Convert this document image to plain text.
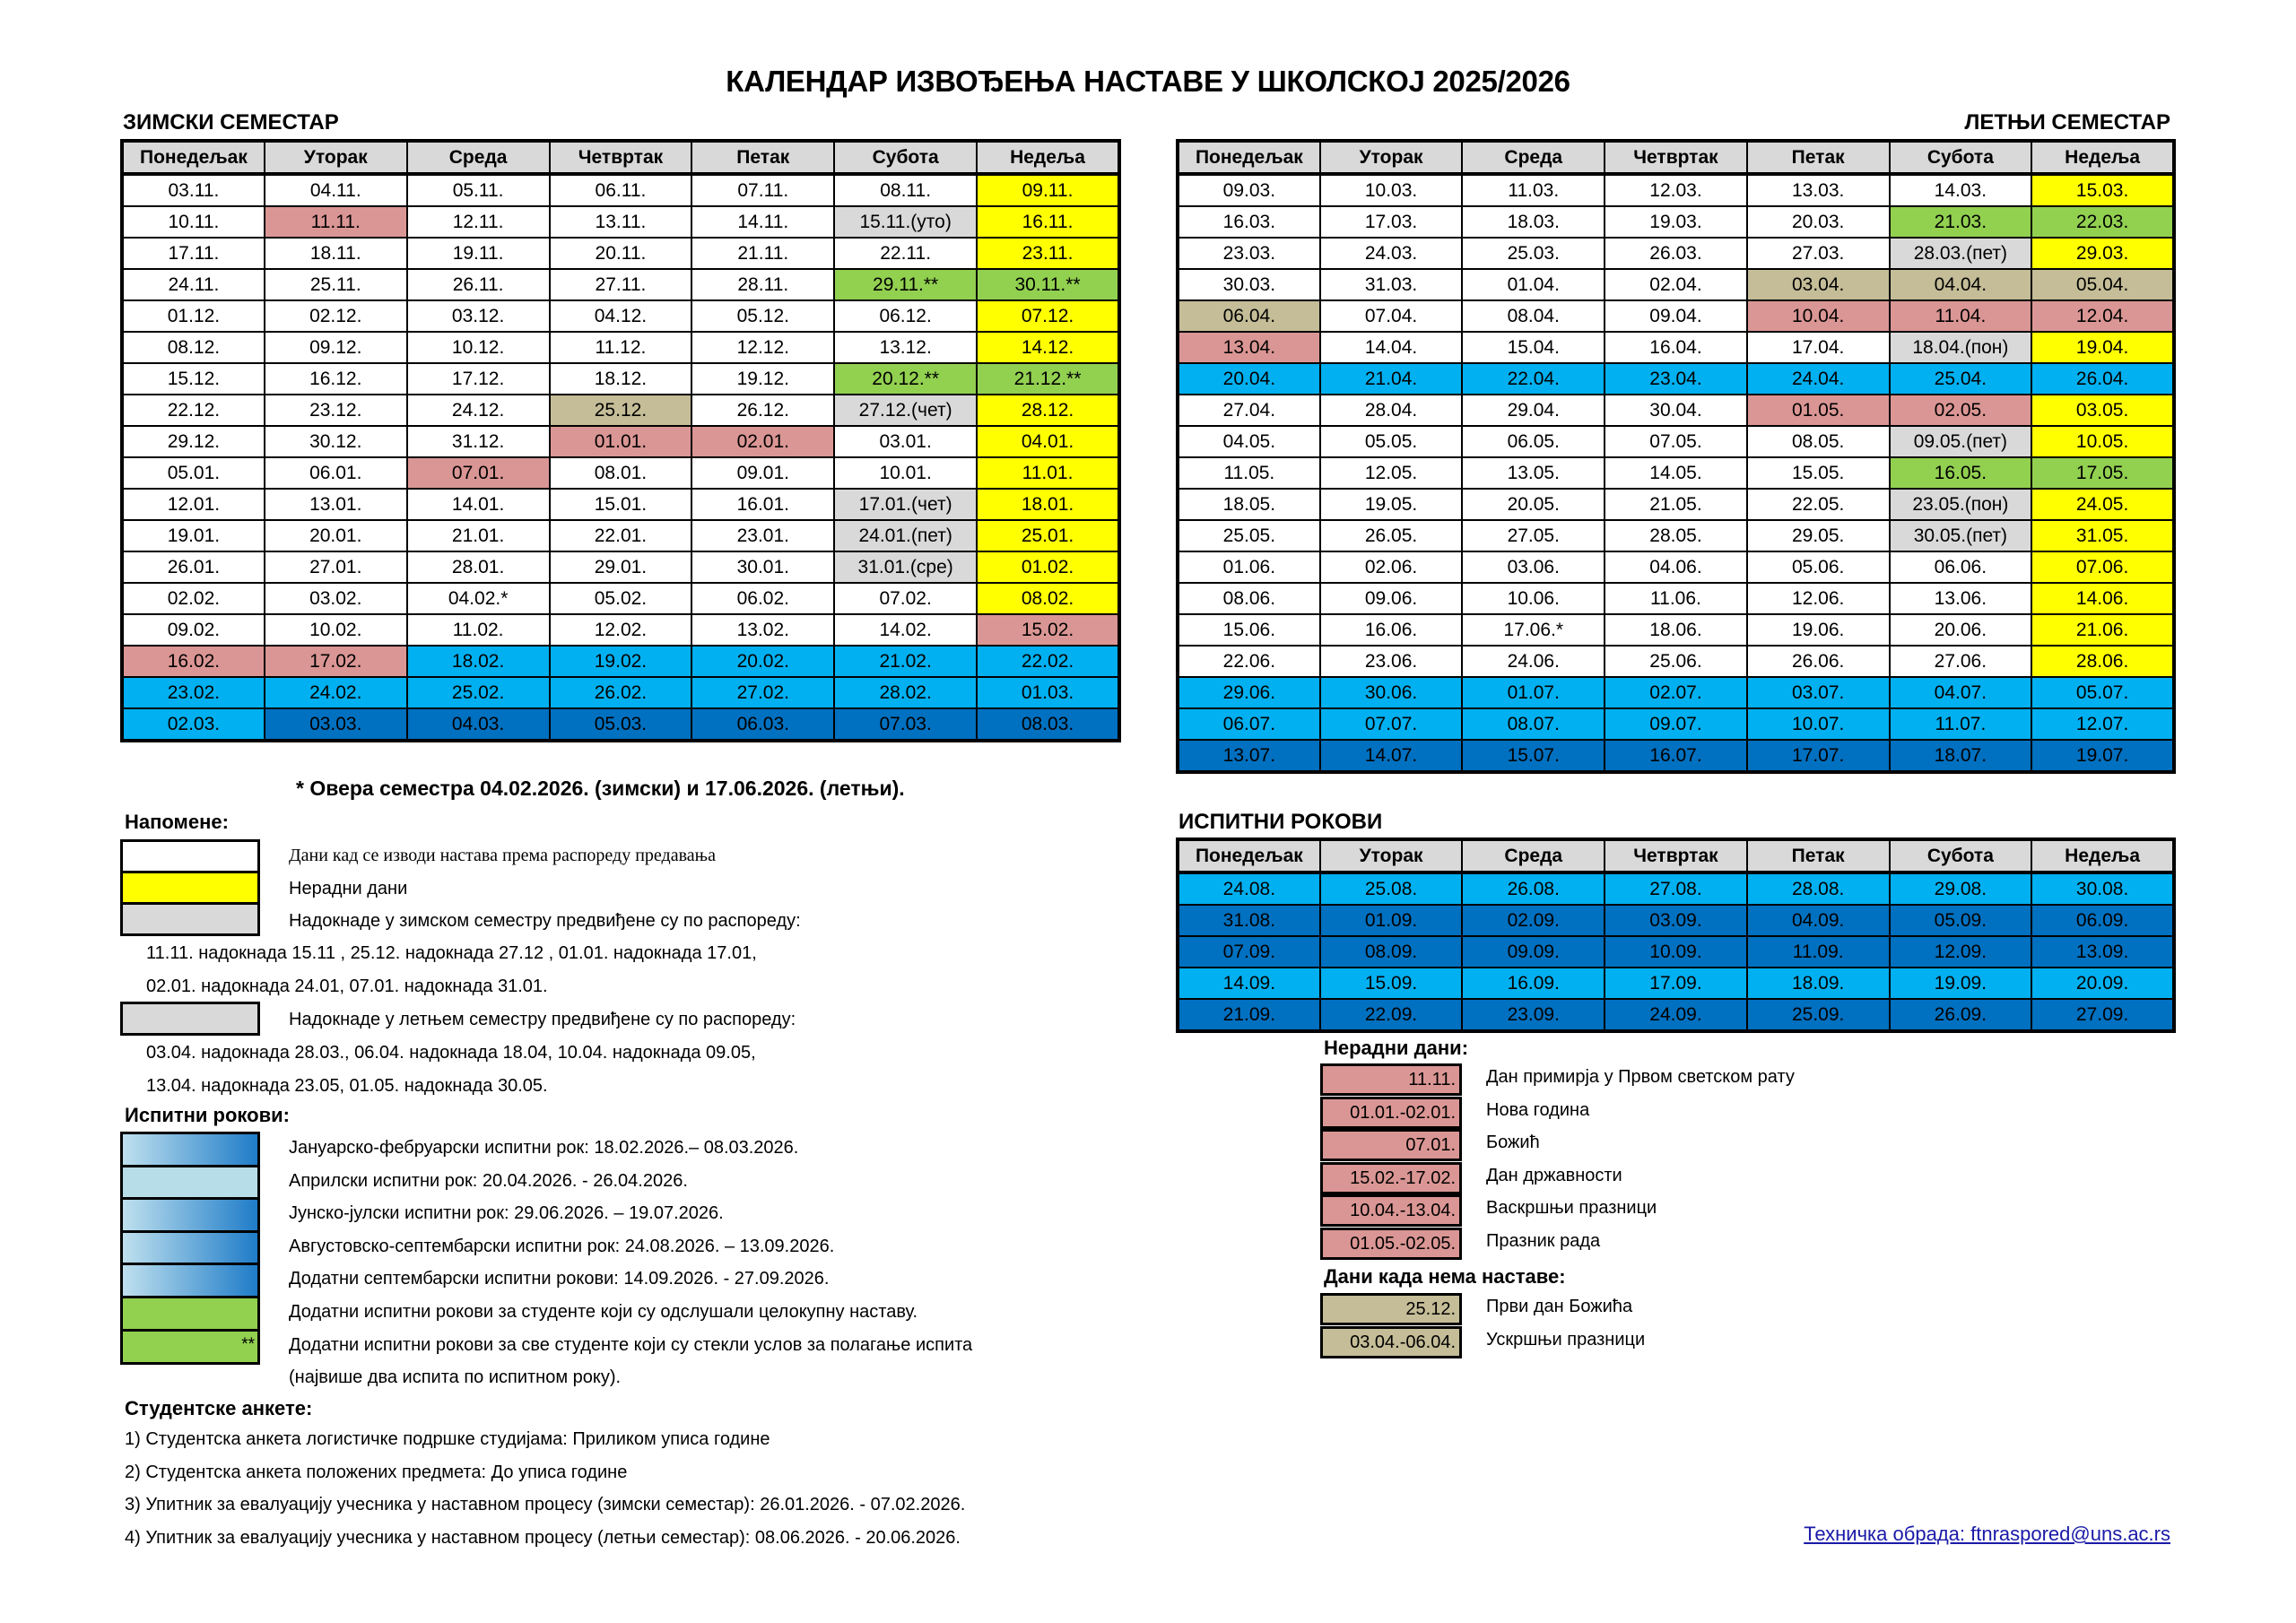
КАЛЕНДАР ИЗВОЂЕЊА НАСТАВЕ У ШКОЛСКОЈ 2025/2026
ЗИМСКИ СЕМЕСТАР	ЛЕТЊИ СЕМЕСТАР
Понедељак	Уторак	Среда	Четвртак	Петак	Субота	Недеља
03.11.	04.11.	05.11.	06.11.	07.11.	08.11.	09.11.
10.11.	11.11.	12.11.	13.11.	14.11.	15.11.(уто)	16.11.
17.11.	18.11.	19.11.	20.11.	21.11.	22.11.	23.11.
24.11.	25.11.	26.11.	27.11.	28.11.	29.11.**	30.11.**
01.12.	02.12.	03.12.	04.12.	05.12.	06.12.	07.12.
08.12.	09.12.	10.12.	11.12.	12.12.	13.12.	14.12.
15.12.	16.12.	17.12.	18.12.	19.12.	20.12.**	21.12.**
22.12.	23.12.	24.12.	25.12.	26.12.	27.12.(чет)	28.12.
29.12.	30.12.	31.12.	01.01.	02.01.	03.01.	04.01.
05.01.	06.01.	07.01.	08.01.	09.01.	10.01.	11.01.
12.01.	13.01.	14.01.	15.01.	16.01.	17.01.(чет)	18.01.
19.01.	20.01.	21.01.	22.01.	23.01.	24.01.(пет)	25.01.
26.01.	27.01.	28.01.	29.01.	30.01.	31.01.(сре)	01.02.
02.02.	03.02.	04.02.*	05.02.	06.02.	07.02.	08.02.
09.02.	10.02.	11.02.	12.02.	13.02.	14.02.	15.02.
16.02.	17.02.	18.02.	19.02.	20.02.	21.02.	22.02.
23.02.	24.02.	25.02.	26.02.	27.02.	28.02.	01.03.
02.03.	03.03.	04.03.	05.03.	06.03.	07.03.	08.03.
Понедељак	Уторак	Среда	Четвртак	Петак	Субота	Недеља
09.03.	10.03.	11.03.	12.03.	13.03.	14.03.	15.03.
16.03.	17.03.	18.03.	19.03.	20.03.	21.03.	22.03.
23.03.	24.03.	25.03.	26.03.	27.03.	28.03.(пет)	29.03.
30.03.	31.03.	01.04.	02.04.	03.04.	04.04.	05.04.
06.04.	07.04.	08.04.	09.04.	10.04.	11.04.	12.04.
13.04.	14.04.	15.04.	16.04.	17.04.	18.04.(пон)	19.04.
20.04.	21.04.	22.04.	23.04.	24.04.	25.04.	26.04.
27.04.	28.04.	29.04.	30.04.	01.05.	02.05.	03.05.
04.05.	05.05.	06.05.	07.05.	08.05.	09.05.(пет)	10.05.
11.05.	12.05.	13.05.	14.05.	15.05.	16.05.	17.05.
18.05.	19.05.	20.05.	21.05.	22.05.	23.05.(пон)	24.05.
25.05.	26.05.	27.05.	28.05.	29.05.	30.05.(пет)	31.05.
01.06.	02.06.	03.06.	04.06.	05.06.	06.06.	07.06.
08.06.	09.06.	10.06.	11.06.	12.06.	13.06.	14.06.
15.06.	16.06.	17.06.*	18.06.	19.06.	20.06.	21.06.
22.06.	23.06.	24.06.	25.06.	26.06.	27.06.	28.06.
29.06.	30.06.	01.07.	02.07.	03.07.	04.07.	05.07.
06.07.	07.07.	08.07.	09.07.	10.07.	11.07.	12.07.
13.07.	14.07.	15.07.	16.07.	17.07.	18.07.	19.07.
* Овера семестра 04.02.2026. (зимски) и 17.06.2026. (летњи).
Напомене:
Дани кад се изводи настава према распореду предавања
Нерадни дани
Надокнаде у зимском семестру предвиђене су по распореду:
11.11. надокнада 15.11 , 25.12. надокнада 27.12 , 01.01. надокнада 17.01,
02.01. надокнада 24.01, 07.01. надокнада 31.01.
Надокнаде у летњем семестру предвиђене су по распореду:
03.04. надокнада 28.03., 06.04. надокнада 18.04, 10.04. надокнада 09.05,
13.04. надокнада 23.05, 01.05. надокнада 30.05.
Испитни рокови:
**
Јануарско-фебруарски испитни рок: 18.02.2026.– 08.03.2026.
Априлски испитни рок: 20.04.2026. - 26.04.2026.
Јунско-јулски испитни рок: 29.06.2026. – 19.07.2026.
Августовско-септембарски испитни рок: 24.08.2026. – 13.09.2026.
Додатни септембарски испитни рокови: 14.09.2026. - 27.09.2026.
Додатни испитни рокови за студенте који су одслушали целокупну наставу.
Додатни испитни рокови за све студенте који су стекли услов за полагање испита
(највише два испита по испитном року).
Студентске анкете:
1) Студентска анкета логистичке подршке студијама: Приликом уписа године
2) Студентска анкета положених предмета: До уписа године
3) Упитник за евалуацију учесника у наставном процесу (зимски семестар): 26.01.2026. - 07.02.2026.
4) Упитник за евалуацију учесника у наставном процесу (летњи семестар): 08.06.2026. - 20.06.2026.
ИСПИТНИ РОКОВИ
Понедељак	Уторак	Среда	Четвртак	Петак	Субота	Недеља
24.08.	25.08.	26.08.	27.08.	28.08.	29.08.	30.08.
31.08.	01.09.	02.09.	03.09.	04.09.	05.09.	06.09.
07.09.	08.09.	09.09.	10.09.	11.09.	12.09.	13.09.
14.09.	15.09.	16.09.	17.09.	18.09.	19.09.	20.09.
21.09.	22.09.	23.09.	24.09.	25.09.	26.09.	27.09.
Нерадни дани:
11.11.	Дан примирја у Првом светском рату
01.01.-02.01.	Нова година
07.01.	Божић
15.02.-17.02.	Дан државности
10.04.-13.04.	Васкршњи празници
01.05.-02.05.	Празник рада
Дани када нема наставе:
25.12.	Први дан Божића
03.04.-06.04.	Ускршњи празници
Техничка обрада: ftnraspored@uns.ac.rs
